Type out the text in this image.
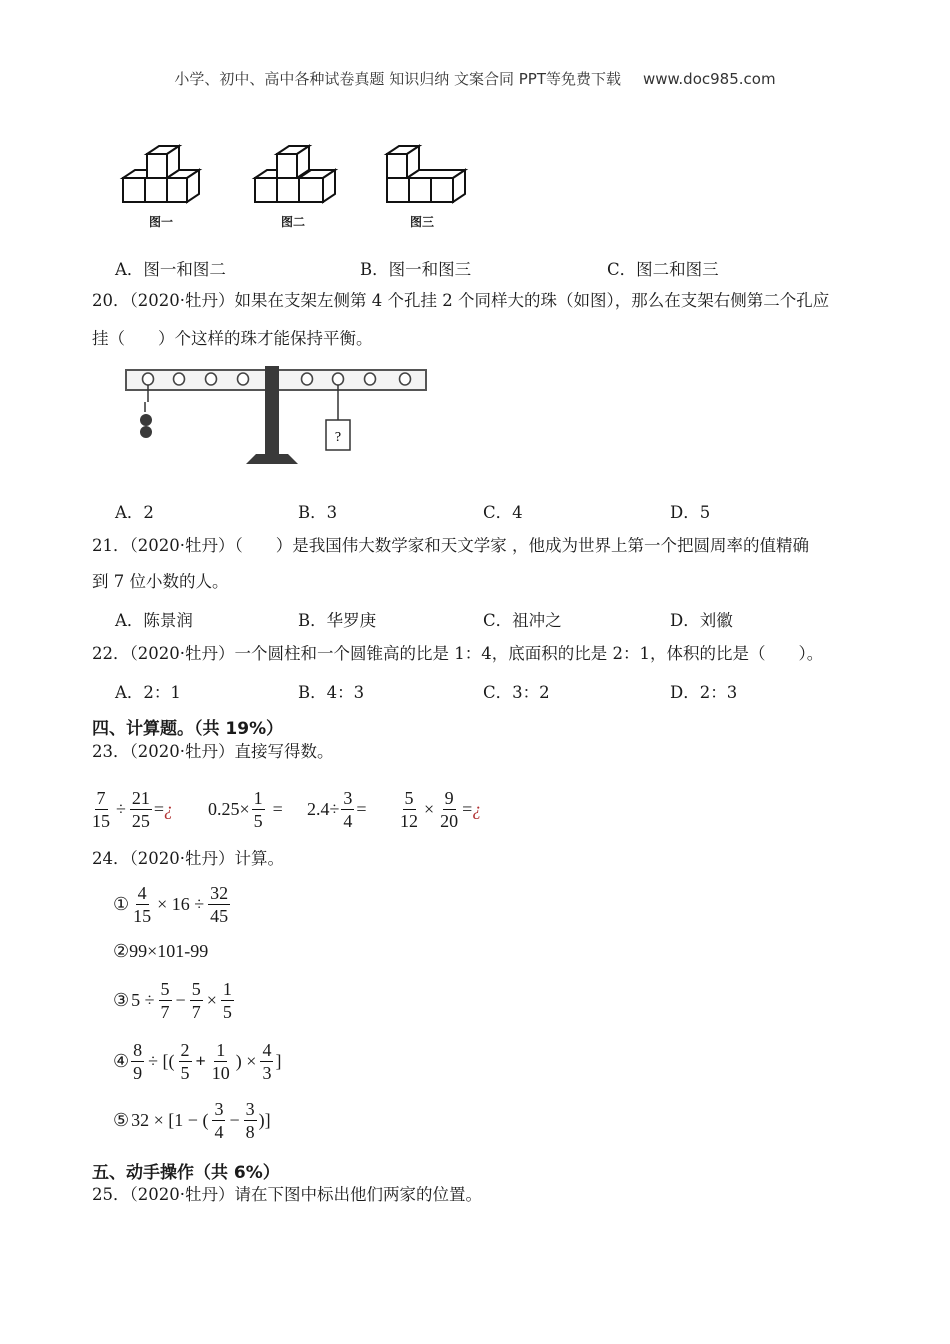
小学、初中、高中各种试卷真题 知识归纳 文案合同 PPT等免费下载 www.doc985.com
图一	图二	图三
A．图一和图二	B．图一和图三	C．图二和图三
20．（2020·牡丹）如果在支架左侧第 4 个孔挂 2 个同样大的珠（如图），那么在支架右侧第二个孔应
挂（　　）个这样的珠才能保持平衡。
?
A．2	B．3	C．4	D．5
21．（2020·牡丹）（　　）是我国伟大数学家和天文学家 ，他成为世界上第一个把圆周率的值精确
到 7 位小数的人。
A．陈景润	B．华罗庚	C．祖冲之	D．刘徽
22．（2020·牡丹）一个圆柱和一个圆锥高的比是 1：4，底面积的比是 2：1，体积的比是（　　）。
A．2：1	B．4：3	C．3：2	D．2：3
四、计算题。（共 19%）
23．（2020·牡丹）直接写得数。
$\frac{7}{15} \div \frac{21}{25}$ = ¿ $0.25\times \frac{1}{5} = 2.4\div \frac{3}{4} = \frac{5}{12} \times \frac{9}{20}$ = ¿
24．（2020·牡丹）计算。
① $\frac{4}{15} \times 16 \div \frac{32}{45}$
② 99×101-99
③ $5 \div \frac{5}{7} - \frac{5}{7} \times \frac{1}{5}$
④ $\frac{8}{9}$ ÷ [( $\frac{2}{5} + \frac{1}{10}$ ) × $\frac{4}{3}$ ]
⑤ 32 × [1 − ( $\frac{3}{4} - \frac{3}{8}$ )]
五、动手操作（共 6%）
25．（2020·牡丹）请在下图中标出他们两家的位置。
